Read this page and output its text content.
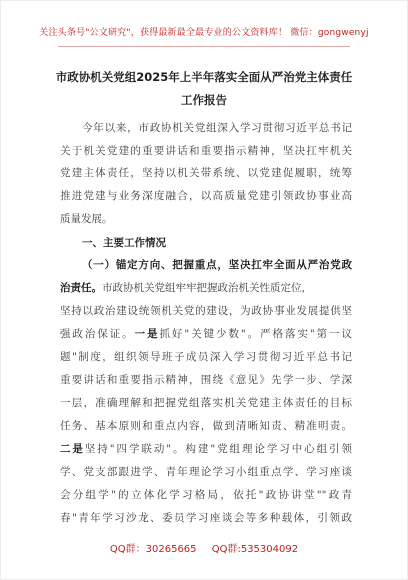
关注头条号"公文研究"，获得最新最全最专业的公文资料库！ 微信：gongwenyj
市政协机关党组2025年上半年落实全面从严治党主体责任
工作报告
今年以来，市政协机关党组深入学习贯彻习近平总书记
关于机关党建的重要讲话和重要指示精神，坚决扛牢机关
党建主体责任，坚持以机关带系统、以党建促履职，统筹
推进党建与业务深度融合，以高质量党建引领政协事业高
质量发展。
一、主要工作情况
（一）锚定方向、把握重点，坚决扛牢全面从严治党政
治责任。市政协机关党组牢牢把握政治机关性质定位，
坚持以政治建设统领机关党的建设，为政协事业发展提供坚
强政治保证。一是抓好"关键少数"。严格落实"第一议
题"制度，组织领导班子成员深入学习贯彻习近平总书记
重要讲话和重要指示精神，围绕《意见》先学一步、学深
一层，准确理解和把握党组落实机关党建主体责任的目标
任务、基本原则和重点内容，做到清晰知责、精准明责。
二是坚持"四学联动"。构建"党组理论学习中心组引领
学、党支部跟进学、青年理论学习小组重点学、学习座谈
会分组学"的立体化学习格局，依托"政协讲堂""政青
春"青年学习沙龙、委员学习座谈会等多种载体，引领政
QQ群：30265665 QQ群:535304092
